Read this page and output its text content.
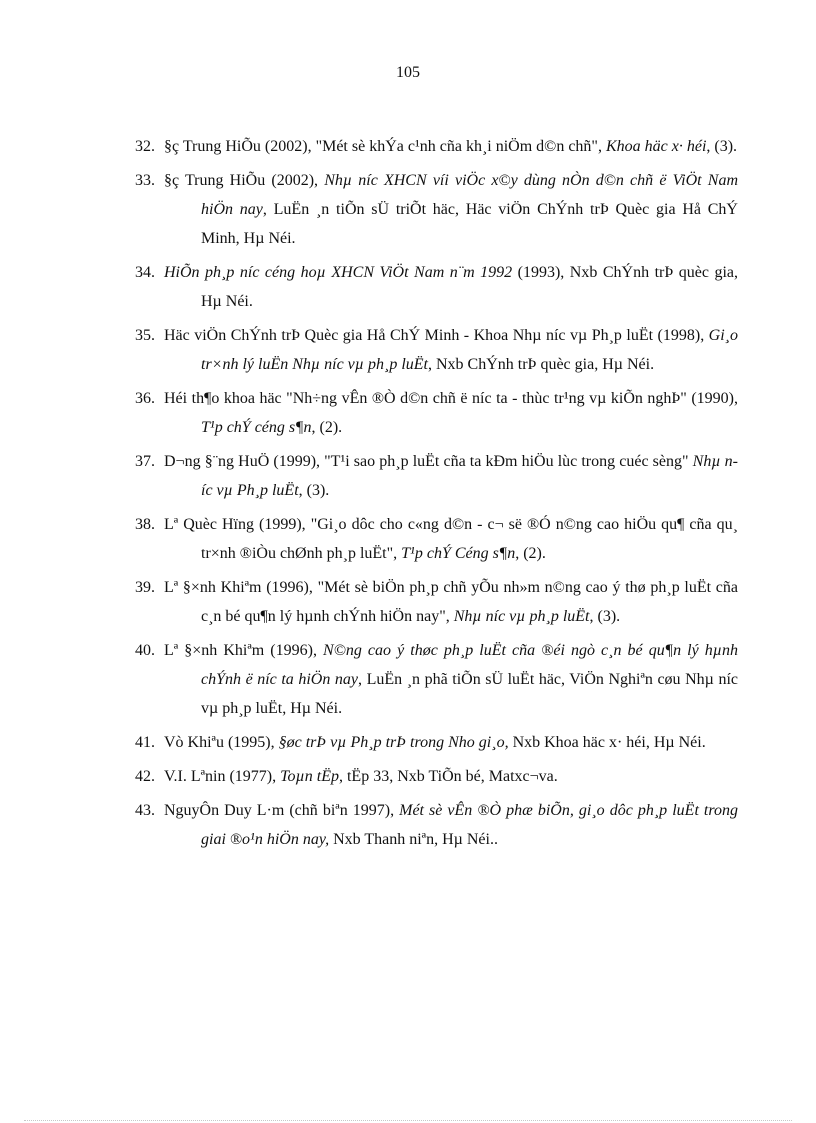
105

32. §ç Trung HiÕu (2002), "Mét sè khÝa c¹nh cña kh¸i niÖm d©n chñ", Khoa häc x· héi, (3).

33. §ç Trung HiÕu (2002), Nhµ níc XHCN víi viÖc x©y dùng nÒn d©n chñ ë ViÖt Nam hiÖn nay, LuËn ¸n tiÕn sÜ triÕt häc, Häc viÖn ChÝnh trÞ Quèc gia Hå ChÝ Minh, Hµ Néi.

34. HiÕn ph¸p níc céng hoµ XHCN ViÖt Nam n¨m 1992 (1993), Nxb ChÝnh trÞ quèc gia, Hµ Néi.

35. Häc viÖn ChÝnh trÞ Quèc gia Hå ChÝ Minh - Khoa Nhµ níc vµ Ph¸p luËt (1998), Gi¸o tr×nh lý luËn Nhµ níc vµ ph¸p luËt, Nxb ChÝnh trÞ quèc gia, Hµ Néi.

36. Héi th¶o khoa häc "Nh÷ng vÊn ®Ò d©n chñ ë níc ta - thùc tr¹ng vµ kiÕn nghÞ" (1990), T¹p chÝ céng s¶n, (2).

37. D¬ng §¨ng HuÖ (1999), "T¹i sao ph¸p luËt cña ta kÐm hiÖu lùc trong cuéc sèng" Nhµ níc vµ Ph¸p luËt, (3).

38. Lª Quèc Hïng (1999), "Gi¸o dôc cho c«ng d©n - c¬ së ®Ó n©ng cao hiÖu qu¶ cña qu¸ tr×nh ®iÒu chØnh ph¸p luËt", T¹p chÝ Céng s¶n, (2).

39. Lª §×nh Khiªm (1996), "Mét sè biÖn ph¸p chñ yÕu nh»m n©ng cao ý thø ph¸p luËt cña c¸n bé qu¶n lý hµnh chÝnh hiÖn nay", Nhµ níc vµ ph¸p luËt, (3).

40. Lª §×nh Khiªm (1996), N©ng cao ý thøc ph¸p luËt cña ®éi ngò c¸n bé qu¶n lý hµnh chÝnh ë níc ta hiÖn nay, LuËn ¸n phã tiÕn sÜ luËt häc, ViÖn Nghiªn cøu Nhµ níc vµ ph¸p luËt, Hµ Néi.

41. Vò Khiªu (1995), §øc trÞ vµ Ph¸p trÞ trong Nho gi¸o, Nxb Khoa häc x· héi, Hµ Néi.

42. V.I. Lªnin (1977), Toµn tËp, tËp 33, Nxb TiÕn bé, Matxc¬va.

43. NguyÔn Duy L·m (chñ biªn 1997), Mét sè vÊn ®Ò phæ biÕn, gi¸o dôc ph¸p luËt trong giai ®o¹n hiÖn nay, Nxb Thanh niªn, Hµ Néi..
